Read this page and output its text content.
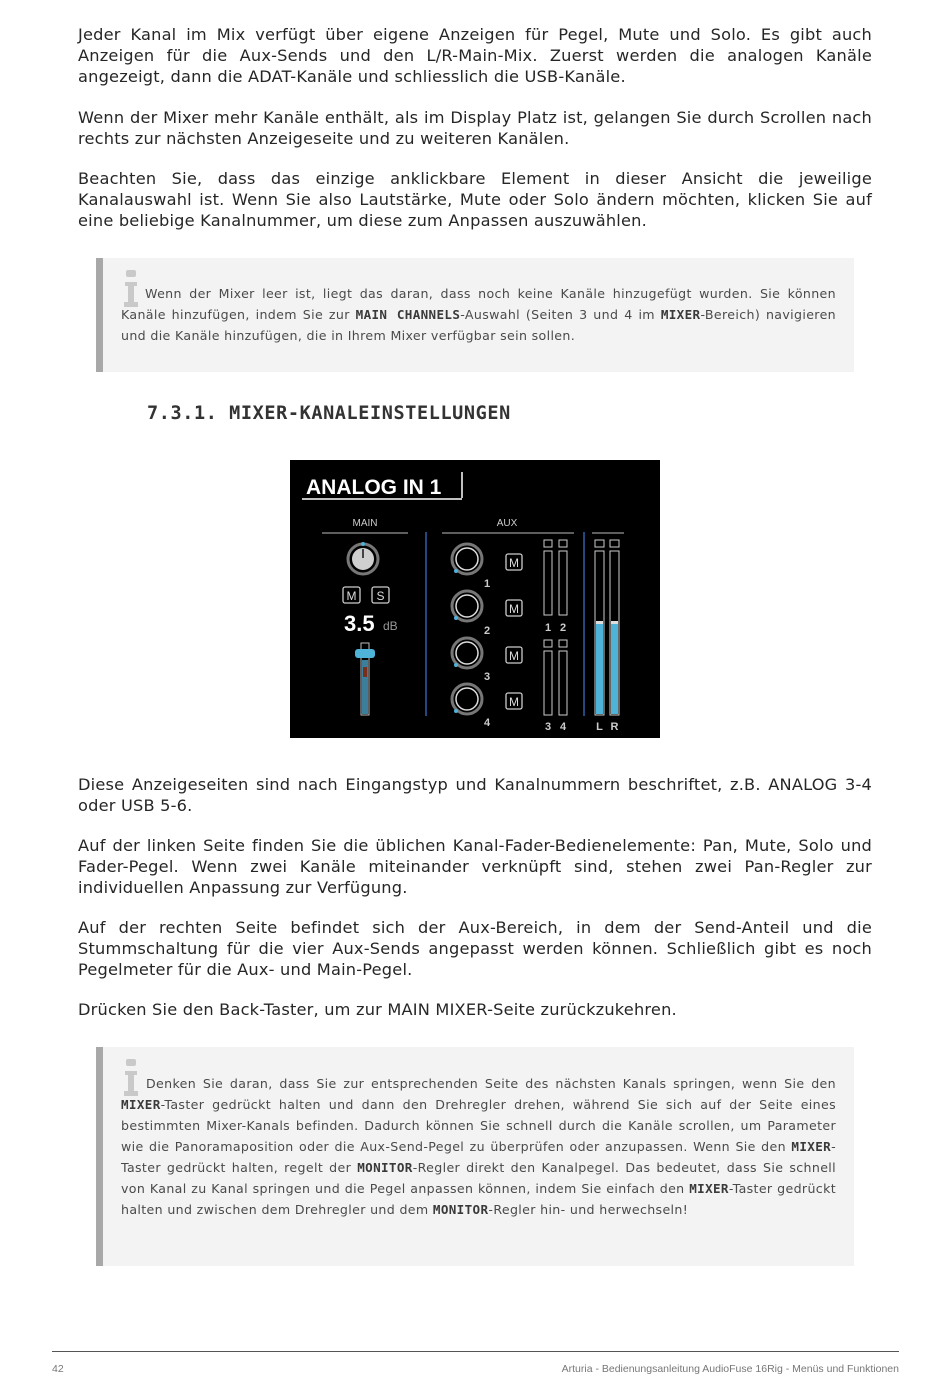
Jeder Kanal im Mix verfügt über eigene Anzeigen für Pegel, Mute und Solo. Es gibt auch Anzeigen für die Aux-Sends und den L/R-Main-Mix. Zuerst werden die analogen Kanäle angezeigt, dann die ADAT-Kanäle und schliesslich die USB-Kanäle.

Wenn der Mixer mehr Kanäle enthält, als im Display Platz ist, gelangen Sie durch Scrollen nach rechts zur nächsten Anzeigeseite und zu weiteren Kanälen.

Beachten Sie, dass das einzige anklickbare Element in dieser Ansicht die jeweilige Kanalauswahl ist. Wenn Sie also Lautstärke, Mute oder Solo ändern möchten, klicken Sie auf eine beliebige Kanalnummer, um diese zum Anpassen auszuwählen.

Wenn der Mixer leer ist, liegt das daran, dass noch keine Kanäle hinzugefügt wurden. Sie können Kanäle hinzufügen, indem Sie zur MAIN CHANNELS-Auswahl (Seiten 3 und 4 im MIXER-Bereich) navigieren und die Kanäle hinzufügen, die in Ihrem Mixer verfügbar sein sollen.

7.3.1. MIXER-KANALEINSTELLUNGEN
ANALOG IN 1
MAIN	AUX
M S
3.5 dB
1
M
2
M
3
M
4
M
1 2
3 4	L R

Diese Anzeigeseiten sind nach Eingangstyp und Kanalnummern beschriftet, z.B. ANALOG 3-4 oder USB 5-6.

Auf der linken Seite finden Sie die üblichen Kanal-Fader-Bedienelemente: Pan, Mute, Solo und Fader-Pegel. Wenn zwei Kanäle miteinander verknüpft sind, stehen zwei Pan-Regler zur individuellen Anpassung zur Verfügung.

Auf der rechten Seite befindet sich der Aux-Bereich, in dem der Send-Anteil und die Stummschaltung für die vier Aux-Sends angepasst werden können. Schließlich gibt es noch Pegelmeter für die Aux- und Main-Pegel.

Drücken Sie den Back-Taster, um zur MAIN MIXER-Seite zurückzukehren.

Denken Sie daran, dass Sie zur entsprechenden Seite des nächsten Kanals springen, wenn Sie den MIXER-Taster gedrückt halten und dann den Drehregler drehen, während Sie sich auf der Seite eines bestimmten Mixer-Kanals befinden. Dadurch können Sie schnell durch die Kanäle scrollen, um Parameter wie die Panoramaposition oder die Aux-Send-Pegel zu überprüfen oder anzupassen. Wenn Sie den MIXER-Taster gedrückt halten, regelt der MONITOR-Regler direkt den Kanalpegel. Das bedeutet, dass Sie schnell von Kanal zu Kanal springen und die Pegel anpassen können, indem Sie einfach den MIXER-Taster gedrückt halten und zwischen dem Drehregler und dem MONITOR-Regler hin- und herwechseln!

42	Arturia - Bedienungsanleitung AudioFuse 16Rig - Menüs und Funktionen
